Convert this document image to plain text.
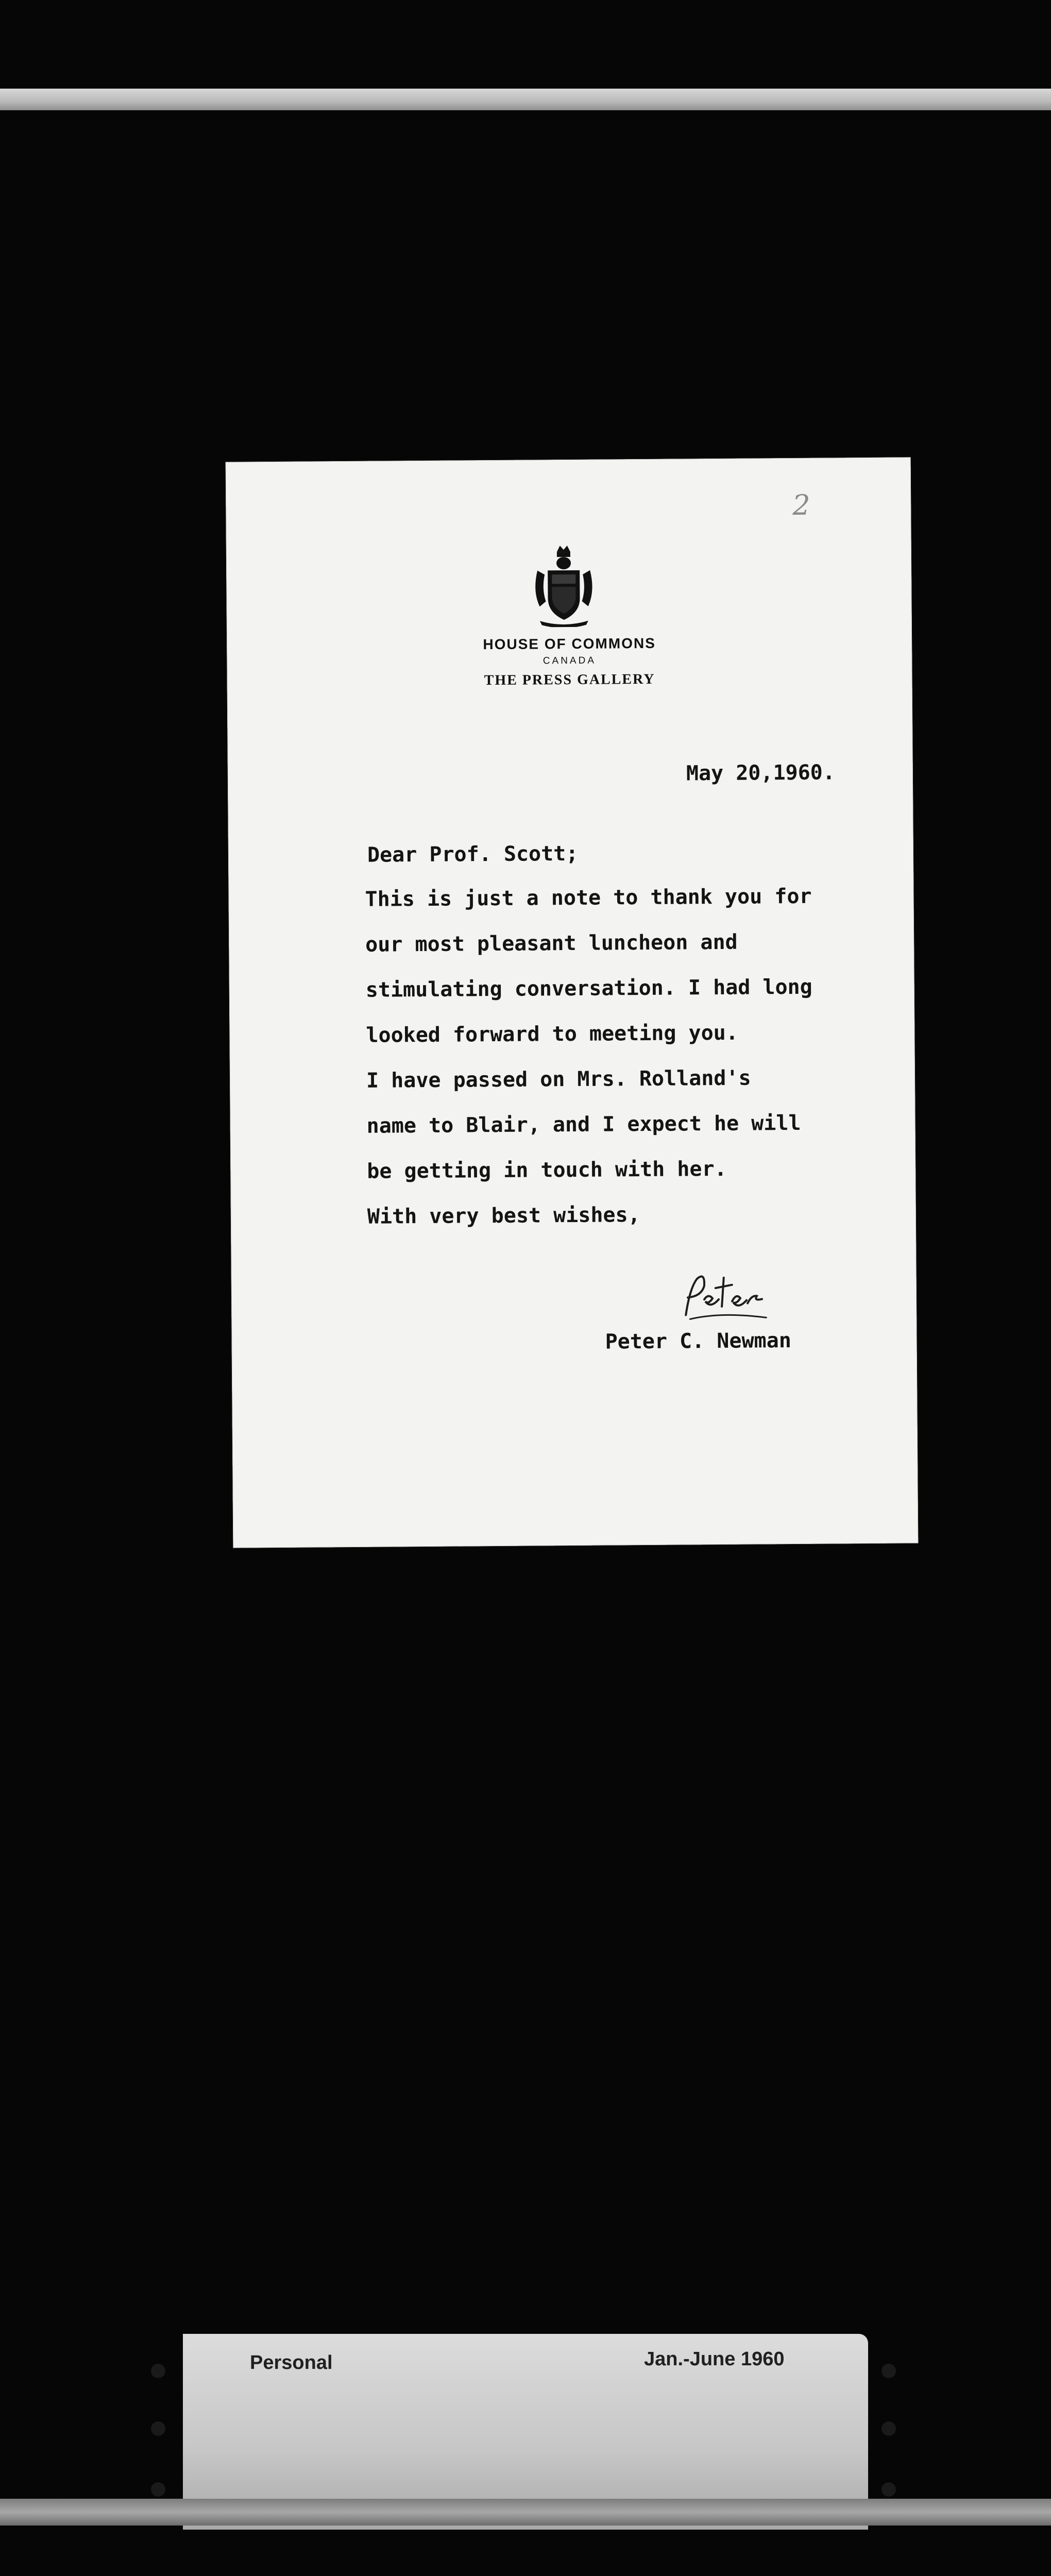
2
HOUSE OF COMMONS
CANADA
THE PRESS GALLERY
May 20,1960.
Dear Prof. Scott;
This is just a note to thank you for
our most pleasant luncheon and
stimulating conversation. I had long
looked forward to meeting you.
I have passed on Mrs. Rolland's
name to Blair, and I expect he will
be getting in touch with her.
With very best wishes,
Peter C. Newman
Personal	Jan.-June 1960
